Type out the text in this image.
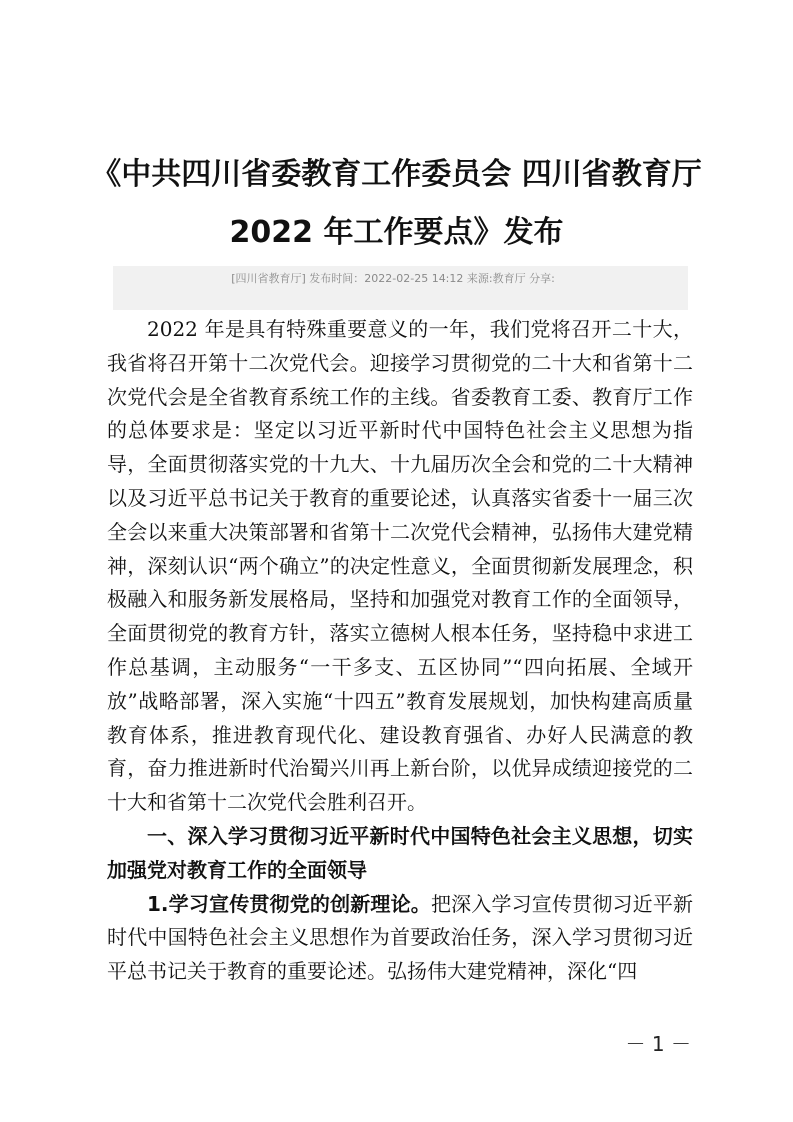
《中共四川省委教育工作委员会 四川省教育厅 2022 年工作要点》发布
[四川省教育厅] 发布时间：2022-02-25 14:12 来源:教育厅 分享:

2022 年是具有特殊重要意义的一年，我们党将召开二十大，我省将召开第十二次党代会。迎接学习贯彻党的二十大和省第十二次党代会是全省教育系统工作的主线。省委教育工委、教育厅工作的总体要求是：坚定以习近平新时代中国特色社会主义思想为指导，全面贯彻落实党的十九大、十九届历次全会和党的二十大精神以及习近平总书记关于教育的重要论述，认真落实省委十一届三次全会以来重大决策部署和省第十二次党代会精神，弘扬伟大建党精神，深刻认识“两个确立”的决定性意义，全面贯彻新发展理念，积极融入和服务新发展格局，坚持和加强党对教育工作的全面领导，全面贯彻党的教育方针，落实立德树人根本任务，坚持稳中求进工作总基调，主动服务“一干多支、五区协同”“四向拓展、全域开放”战略部署，深入实施“十四五”教育发展规划，加快构建高质量教育体系，推进教育现代化、建设教育强省、办好人民满意的教育，奋力推进新时代治蜀兴川再上新台阶，以优异成绩迎接党的二十大和省第十二次党代会胜利召开。

一、深入学习贯彻习近平新时代中国特色社会主义思想，切实加强党对教育工作的全面领导

1.学习宣传贯彻党的创新理论。把深入学习宣传贯彻习近平新时代中国特色社会主义思想作为首要政治任务，深入学习贯彻习近平总书记关于教育的重要论述。弘扬伟大建党精神，深化“四

－ 1 －
